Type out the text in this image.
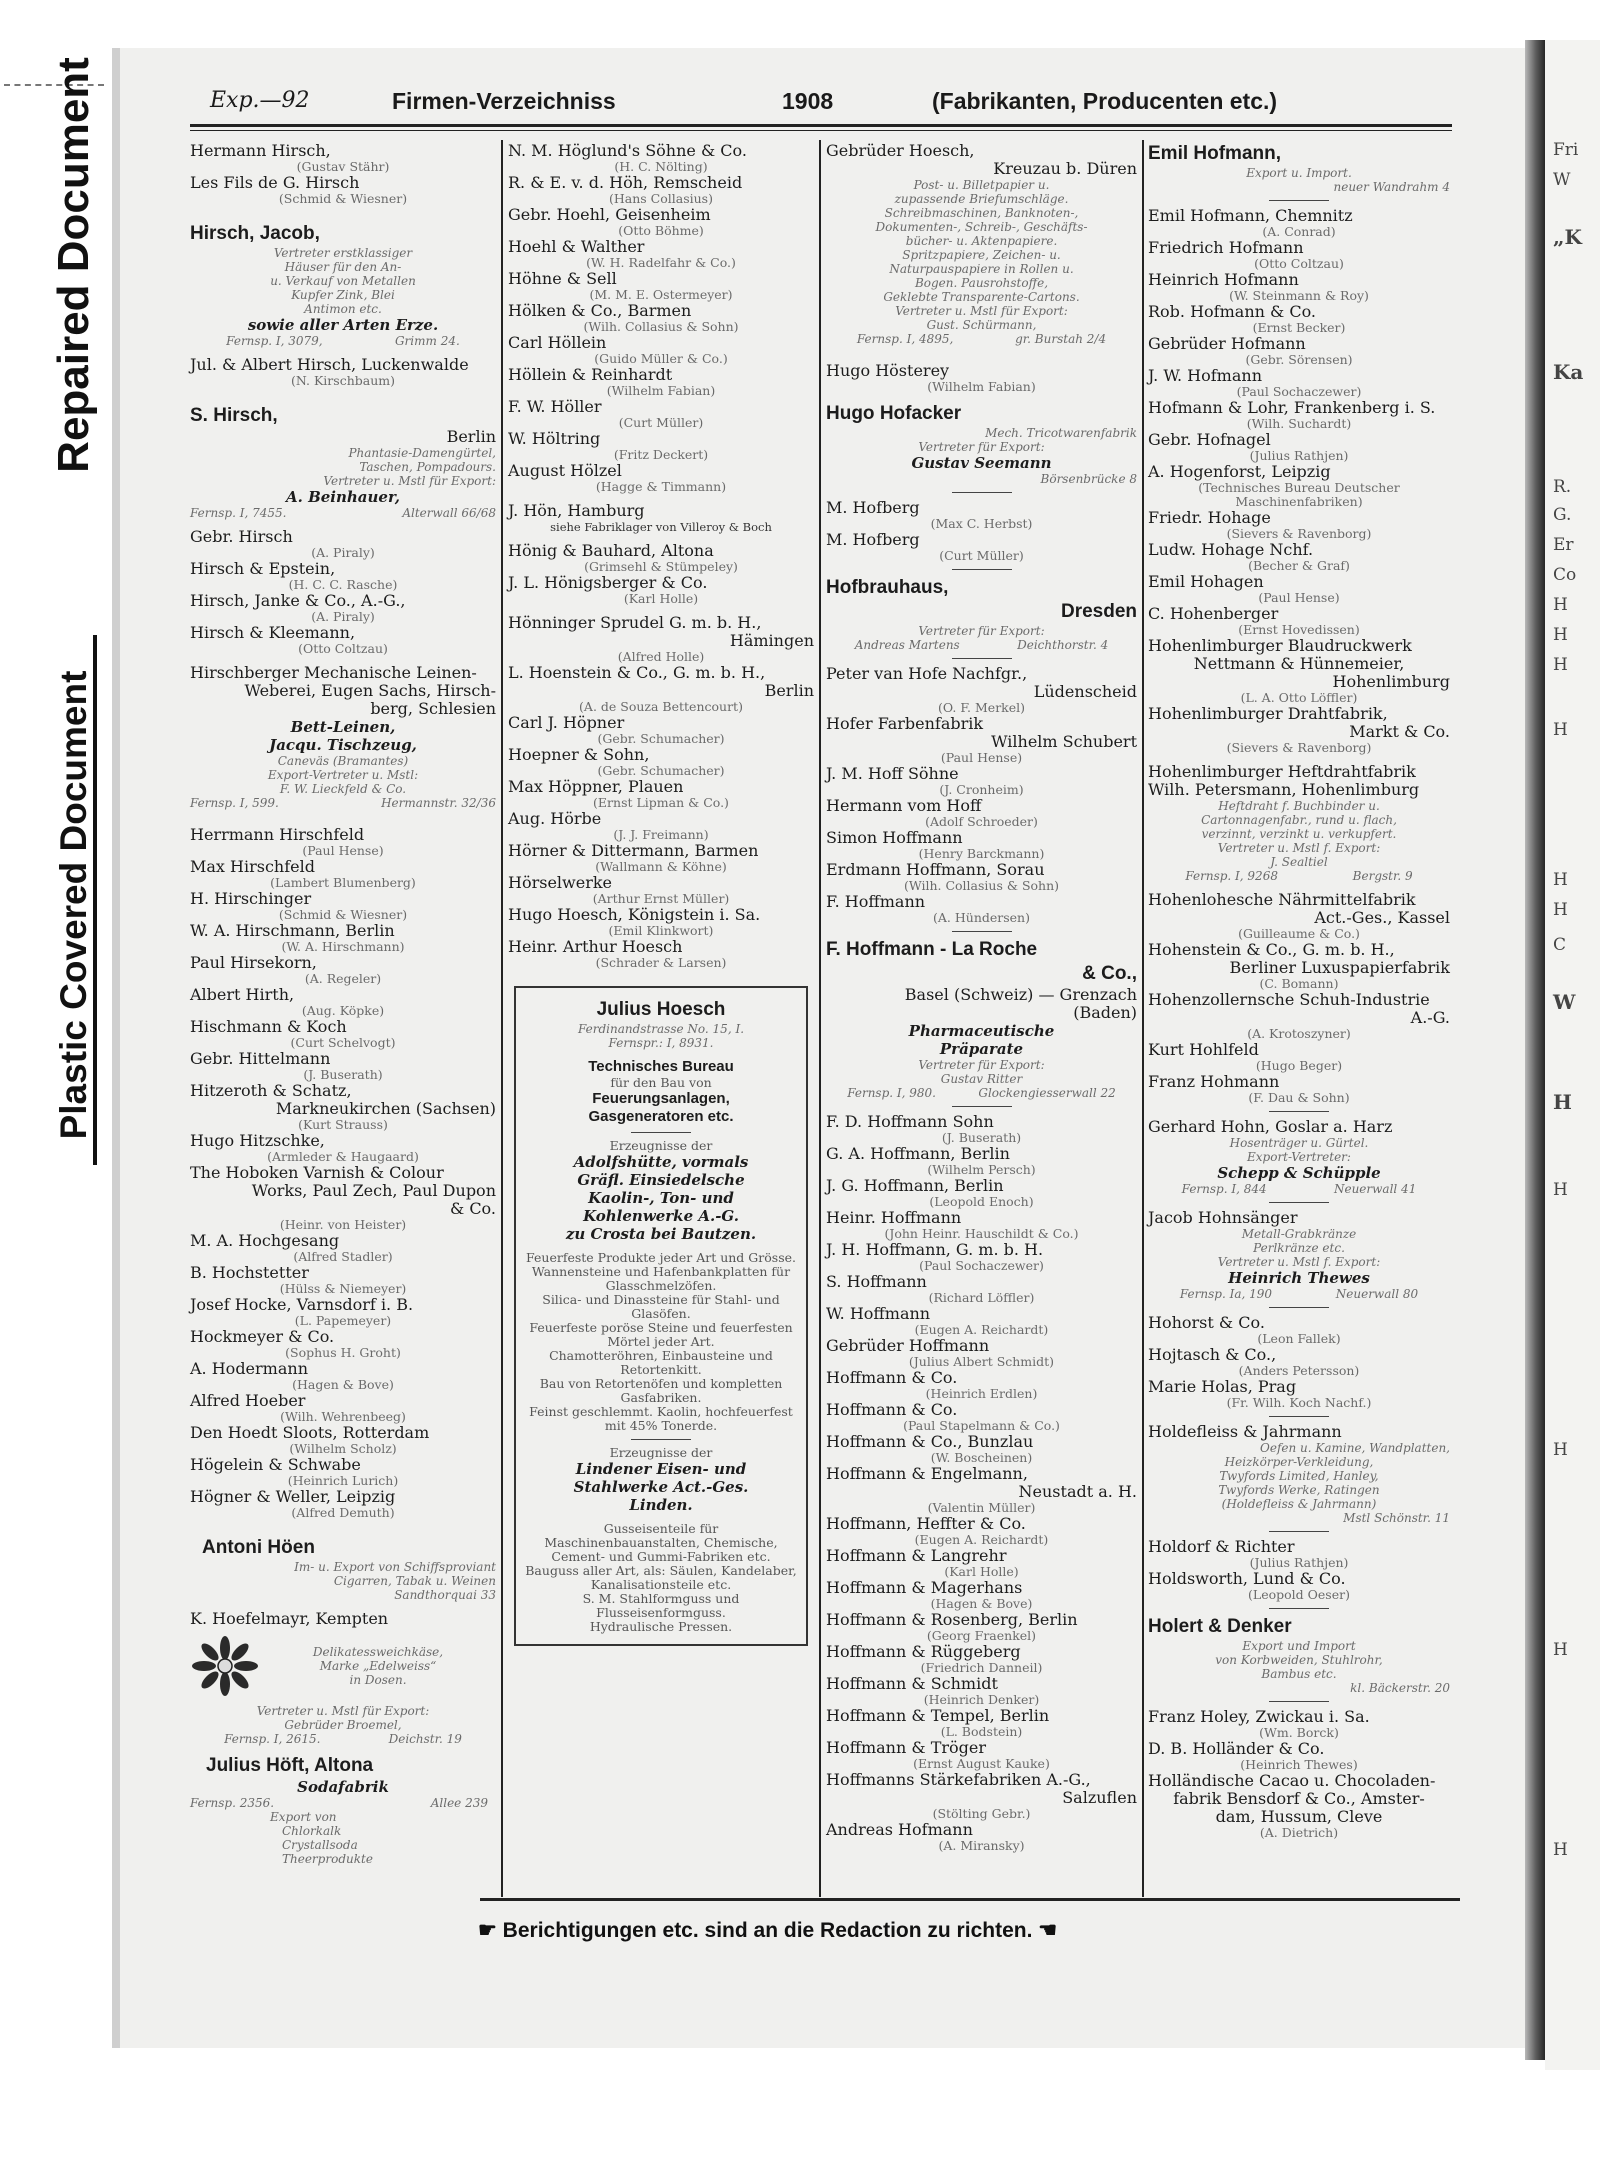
Repaired Document
Plastic Covered Document
Fri
W
„K
Ka
R.
G.
Er
Co
H
H
H
H
H
H
C
W
H
H
H
H
H
Exp.—92	Firmen-Verzeichniss	1908	(Fabrikanten, Producenten etc.)
Hermann Hirsch,
(Gustav Stähr)
Les Fils de G. Hirsch
(Schmid & Wiesner)
Hirsch, Jacob,
Vertreter erstklassiger
Häuser für den An-
u. Verkauf von Metallen
Kupfer Zink, Blei
Antimon etc.
sowie aller Arten Erze.
Fernsp. I, 3079,	Grimm 24.
Jul. & Albert Hirsch, Luckenwalde
(N. Kirschbaum)
S. Hirsch,
Berlin
Phantasie-Damengürtel,
Taschen, Pompadours.
Vertreter u. Mstl für Export:
A. Beinhauer,
Fernsp. I, 7455.	Alterwall 66/68
Gebr. Hirsch
(A. Piraly)
Hirsch & Epstein,
(H. C. C. Rasche)
Hirsch, Janke & Co., A.-G.,
(A. Piraly)
Hirsch & Kleemann,
(Otto Coltzau)
Hirschberger Mechanische Leinen-
Weberei, Eugen Sachs, Hirsch-
berg, Schlesien
Bett-Leinen,
Jacqu. Tischzeug,
Caneväs (Bramantes)
Export-Vertreter u. Mstl:
F. W. Lieckfeld & Co.
Fernsp. I, 599.	Hermannstr. 32/36
Herrmann Hirschfeld
(Paul Hense)
Max Hirschfeld
(Lambert Blumenberg)
H. Hirschinger
(Schmid & Wiesner)
W. A. Hirschmann, Berlin
(W. A. Hirschmann)
Paul Hirsekorn,
(A. Regeler)
Albert Hirth,
(Aug. Köpke)
Hischmann & Koch
(Curt Schelvogt)
Gebr. Hittelmann
(J. Buserath)
Hitzeroth & Schatz,
Markneukirchen (Sachsen)
(Kurt Strauss)
Hugo Hitzschke,
(Armleder & Haugaard)
The Hoboken Varnish & Colour
Works, Paul Zech, Paul Dupon
& Co.
(Heinr. von Heister)
M. A. Hochgesang
(Alfred Stadler)
B. Hochstetter
(Hülss & Niemeyer)
Josef Hocke, Varnsdorf i. B.
(L. Papemeyer)
Hockmeyer & Co.
(Sophus H. Groht)
A. Hodermann
(Hagen & Bove)
Alfred Hoeber
(Wilh. Wehrenbeeg)
Den Hoedt Sloots, Rotterdam
(Wilhelm Scholz)
Högelein & Schwabe
(Heinrich Lurich)
Högner & Weller, Leipzig
(Alfred Demuth)
Antoni Höen
Im- u. Export von Schiffsproviant
Cigarren, Tabak u. Weinen
Sandthorquai 33
K. Hoefelmayr, Kempten
Delikatessweichkäse,
Marke „Edelweiss“
in Dosen.
Vertreter u. Mstl für Export:
Gebrüder Broemel,
Fernsp. I, 2615.	Deichstr. 19
Julius Höft, Altona
Sodafabrik
Fernsp. 2356.	Allee 239
Export von
Chlorkalk
Crystallsoda
Theerprodukte
N. M. Höglund's Söhne & Co.
(H. C. Nölting)
R. & E. v. d. Höh, Remscheid
(Hans Collasius)
Gebr. Hoehl, Geisenheim
(Otto Böhme)
Hoehl & Walther
(W. H. Radelfahr & Co.)
Höhne & Sell
(M. M. E. Ostermeyer)
Hölken & Co., Barmen
(Wilh. Collasius & Sohn)
Carl Höllein
(Guido Müller & Co.)
Höllein & Reinhardt
(Wilhelm Fabian)
F. W. Höller
(Curt Müller)
W. Höltring
(Fritz Deckert)
August Hölzel
(Hagge & Timmann)
J. Hön, Hamburg
siehe Fabriklager von Villeroy & Boch
Hönig & Bauhard, Altona
(Grimsehl & Stümpeley)
J. L. Hönigsberger & Co.
(Karl Holle)
Hönninger Sprudel G. m. b. H.,
Hämingen
(Alfred Holle)
L. Hoenstein & Co., G. m. b. H.,
Berlin
(A. de Souza Bettencourt)
Carl J. Höpner
(Gebr. Schumacher)
Hoepner & Sohn,
(Gebr. Schumacher)
Max Höppner, Plauen
(Ernst Lipman & Co.)
Aug. Hörbe
(J. J. Freimann)
Hörner & Dittermann, Barmen
(Wallmann & Köhne)
Hörselwerke
(Arthur Ernst Müller)
Hugo Hoesch, Königstein i. Sa.
(Emil Klinkwort)
Heinr. Arthur Hoesch
(Schrader & Larsen)
Julius Hoesch
Ferdinandstrasse No. 15, I.
Fernspr.: I, 8931.
Technisches Bureau
für den Bau von
Feuerungsanlagen,
Gasgeneratoren etc.
Erzeugnisse der
Adolfshütte, vormals
Gräfl. Einsiedelsche
Kaolin-, Ton- und
Kohlenwerke A.-G.
zu Crosta bei Bautzen.
Feuerfeste Produkte jeder Art und Grösse.
Wannensteine und Hafenbankplatten für Glasschmelzöfen.
Silica- und Dinassteine für Stahl- und Glasöfen.
Feuerfeste poröse Steine und feuerfesten Mörtel jeder Art.
Chamotteröhren, Einbausteine und Retortenkitt.
Bau von Retortenöfen und kompletten Gasfabriken.
Feinst geschlemmt. Kaolin, hochfeuerfest mit 45% Tonerde.
Erzeugnisse der
Lindener Eisen- und
Stahlwerke Act.-Ges.
Linden.
Gusseisenteile für Maschinenbauanstalten, Chemische, Cement- und Gummi-Fabriken etc.
Bauguss aller Art, als: Säulen, Kandelaber, Kanalisationsteile etc.
S. M. Stahlformguss und Flusseisenformguss.
Hydraulische Pressen.
Gebrüder Hoesch,
Kreuzau b. Düren
Post- u. Billetpapier u.
zupassende Briefumschläge.
Schreibmaschinen, Banknoten-,
Dokumenten-, Schreib-, Geschäfts-
bücher- u. Aktenpapiere.
Spritzpapiere, Zeichen- u.
Naturpauspapiere in Rollen u.
Bogen. Pausrohstoffe,
Geklebte Transparente-Cartons.
Vertreter u. Mstl für Export:
Gust. Schürmann,
Fernsp. I, 4895,	gr. Burstah 2/4
Hugo Hösterey
(Wilhelm Fabian)
Hugo Hofacker
Mech. Tricotwarenfabrik
Vertreter für Export:
Gustav Seemann
Börsenbrücke 8
M. Hofberg
(Max C. Herbst)
M. Hofberg
(Curt Müller)
Hofbrauhaus,
Dresden
Vertreter für Export:
Andreas Martens	Deichthorstr. 4
Peter van Hofe Nachfgr.,
Lüdenscheid
(O. F. Merkel)
Hofer Farbenfabrik
Wilhelm Schubert
(Paul Hense)
J. M. Hoff Söhne
(J. Cronheim)
Hermann vom Hoff
(Adolf Schroeder)
Simon Hoffmann
(Henry Barckmann)
Erdmann Hoffmann, Sorau
(Wilh. Collasius & Sohn)
F. Hoffmann
(A. Hündersen)
F. Hoffmann - La Roche
& Co.,
Basel (Schweiz) — Grenzach
(Baden)
Pharmaceutische
Präparate
Vertreter für Export:
Gustav Ritter
Fernsp. I, 980.	Glockengiesserwall 22
F. D. Hoffmann Sohn
(J. Buserath)
G. A. Hoffmann, Berlin
(Wilhelm Persch)
J. G. Hoffmann, Berlin
(Leopold Enoch)
Heinr. Hoffmann
(John Heinr. Hauschildt & Co.)
J. H. Hoffmann, G. m. b. H.
(Paul Sochaczewer)
S. Hoffmann
(Richard Löffler)
W. Hoffmann
(Eugen A. Reichardt)
Gebrüder Hoffmann
(Julius Albert Schmidt)
Hoffmann & Co.
(Heinrich Erdlen)
Hoffmann & Co.
(Paul Stapelmann & Co.)
Hoffmann & Co., Bunzlau
(W. Boscheinen)
Hoffmann & Engelmann,
Neustadt a. H.
(Valentin Müller)
Hoffmann, Heffter & Co.
(Eugen A. Reichardt)
Hoffmann & Langrehr
(Karl Holle)
Hoffmann & Magerhans
(Hagen & Bove)
Hoffmann & Rosenberg, Berlin
(Georg Fraenkel)
Hoffmann & Rüggeberg
(Friedrich Danneil)
Hoffmann & Schmidt
(Heinrich Denker)
Hoffmann & Tempel, Berlin
(L. Bodstein)
Hoffmann & Tröger
(Ernst August Kauke)
Hoffmanns Stärkefabriken A.-G.,
Salzuflen
(Stölting Gebr.)
Andreas Hofmann
(A. Miransky)
Emil Hofmann,
Export u. Import.
neuer Wandrahm 4
Emil Hofmann, Chemnitz
(A. Conrad)
Friedrich Hofmann
(Otto Coltzau)
Heinrich Hofmann
(W. Steinmann & Roy)
Rob. Hofmann & Co.
(Ernst Becker)
Gebrüder Hofmann
(Gebr. Sörensen)
J. W. Hofmann
(Paul Sochaczewer)
Hofmann & Lohr, Frankenberg i. S.
(Wilh. Suchardt)
Gebr. Hofnagel
(Julius Rathjen)
A. Hogenforst, Leipzig
(Technisches Bureau Deutscher
Maschinenfabriken)
Friedr. Hohage
(Sievers & Ravenborg)
Ludw. Hohage Nchf.
(Becher & Graf)
Emil Hohagen
(Paul Hense)
C. Hohenberger
(Ernst Hovedissen)
Hohenlimburger Blaudruckwerk
Nettmann & Hünnemeier,
Hohenlimburg
(L. A. Otto Löffler)
Hohenlimburger Drahtfabrik,
Markt & Co.
(Sievers & Ravenborg)
Hohenlimburger Heftdrahtfabrik
Wilh. Petersmann, Hohenlimburg
Heftdraht f. Buchbinder u.
Cartonnagenfabr., rund u. flach,
verzinnt, verzinkt u. verkupfert.
Vertreter u. Mstl f. Export:
J. Sealtiel
Fernsp. I, 9268	Bergstr. 9
Hohenlohesche Nährmittelfabrik
Act.-Ges., Kassel
(Guilleaume & Co.)
Hohenstein & Co., G. m. b. H.,
Berliner Luxuspapierfabrik
(C. Bomann)
Hohenzollernsche Schuh-Industrie
A.-G.
(A. Krotoszyner)
Kurt Hohlfeld
(Hugo Beger)
Franz Hohmann
(F. Dau & Sohn)
Gerhard Hohn, Goslar a. Harz
Hosenträger u. Gürtel.
Export-Vertreter:
Schepp & Schüpple
Fernsp. I, 844	Neuerwall 41
Jacob Hohnsänger
Metall-Grabkränze
Perlkränze etc.
Vertreter u. Mstl f. Export:
Heinrich Thewes
Fernsp. Ia, 190	Neuerwall 80
Hohorst & Co.
(Leon Fallek)
Hojtasch & Co.,
(Anders Petersson)
Marie Holas, Prag
(Fr. Wilh. Koch Nachf.)
Holdefleiss & Jahrmann
Oefen u. Kamine, Wandplatten,
Heizkörper-Verkleidung,
Twyfords Limited, Hanley,
Twyfords Werke, Ratingen
(Holdefleiss & Jahrmann)
Mstl Schönstr. 11
Holdorf & Richter
(Julius Rathjen)
Holdsworth, Lund & Co.
(Leopold Oeser)
Holert & Denker
Export und Import
von Korbweiden, Stuhlrohr,
Bambus etc.
kl. Bäckerstr. 20
Franz Holey, Zwickau i. Sa.
(Wm. Borck)
D. B. Holländer & Co.
(Heinrich Thewes)
Holländische Cacao u. Chocoladen-
fabrik Bensdorf & Co., Amster-
dam, Hussum, Cleve
(A. Dietrich)
☛ Berichtigungen etc. sind an die Redaction zu richten. ☚
